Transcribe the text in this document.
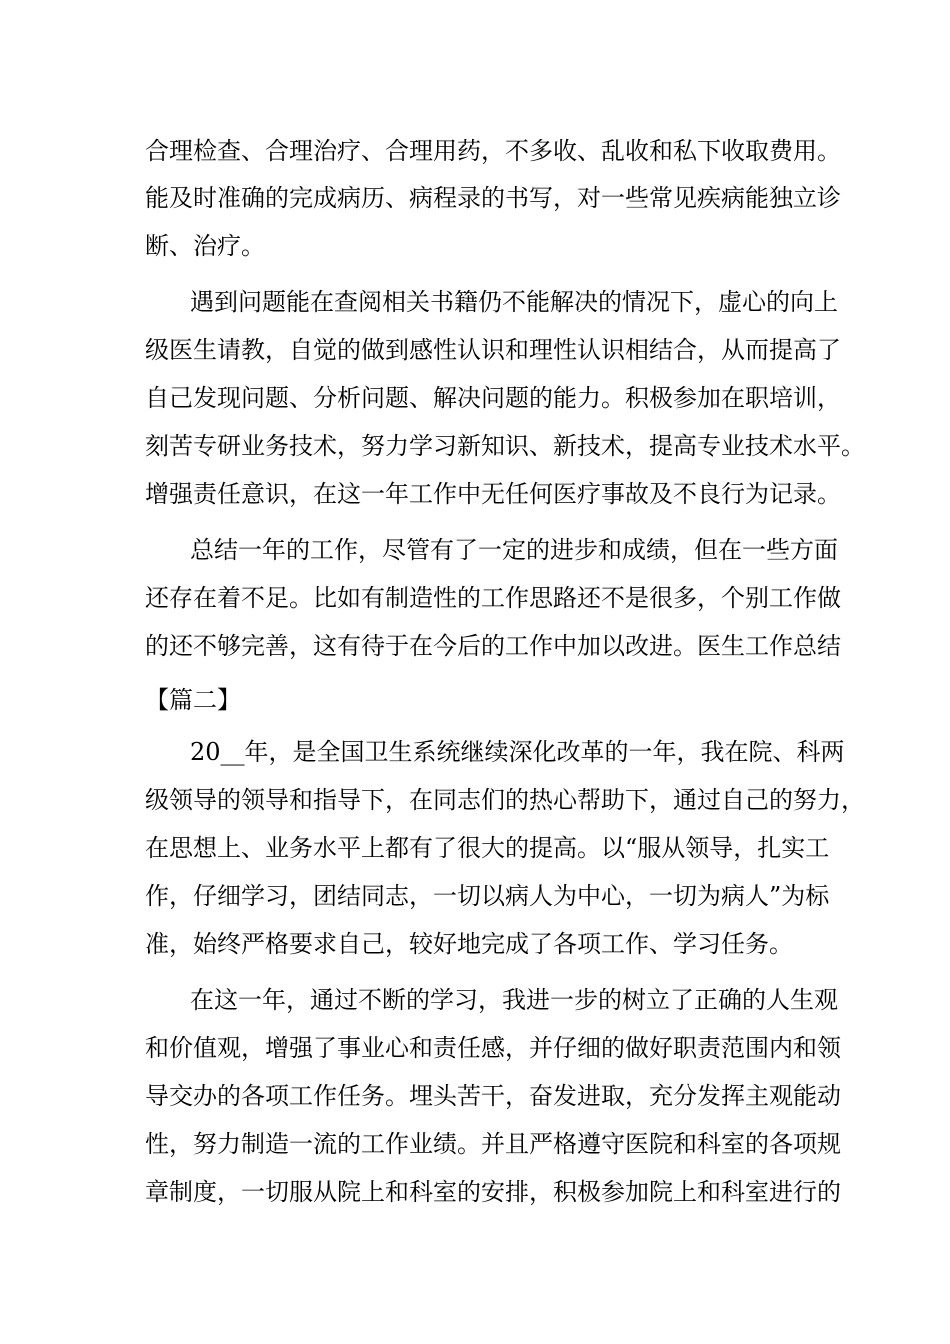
合理检查、合理治疗、合理用药，不多收、乱收和私下收取费用。

能及时准确的完成病历、病程录的书写，对一些常见疾病能独立诊

断、治疗。

遇到问题能在查阅相关书籍仍不能解决的情况下，虚心的向上

级医生请教，自觉的做到感性认识和理性认识相结合，从而提高了

自己发现问题、分析问题、解决问题的能力。积极参加在职培训，

刻苦专研业务技术，努力学习新知识、新技术，提高专业技术水平。

增强责任意识，在这一年工作中无任何医疗事故及不良行为记录。

总结一年的工作，尽管有了一定的进步和成绩，但在一些方面

还存在着不足。比如有制造性的工作思路还不是很多，个别工作做

的还不够完善，这有待于在今后的工作中加以改进。医生工作总结

【篇二】

20__年，是全国卫生系统继续深化改革的一年，我在院、科两

级领导的领导和指导下，在同志们的热心帮助下，通过自己的努力，

在思想上、业务水平上都有了很大的提高。以“服从领导，扎实工

作，仔细学习，团结同志，一切以病人为中心，一切为病人”为标

准，始终严格要求自己，较好地完成了各项工作、学习任务。

在这一年，通过不断的学习，我进一步的树立了正确的人生观

和价值观，增强了事业心和责任感，并仔细的做好职责范围内和领

导交办的各项工作任务。埋头苦干，奋发进取，充分发挥主观能动

性，努力制造一流的工作业绩。并且严格遵守医院和科室的各项规

章制度，一切服从院上和科室的安排，积极参加院上和科室进行的
